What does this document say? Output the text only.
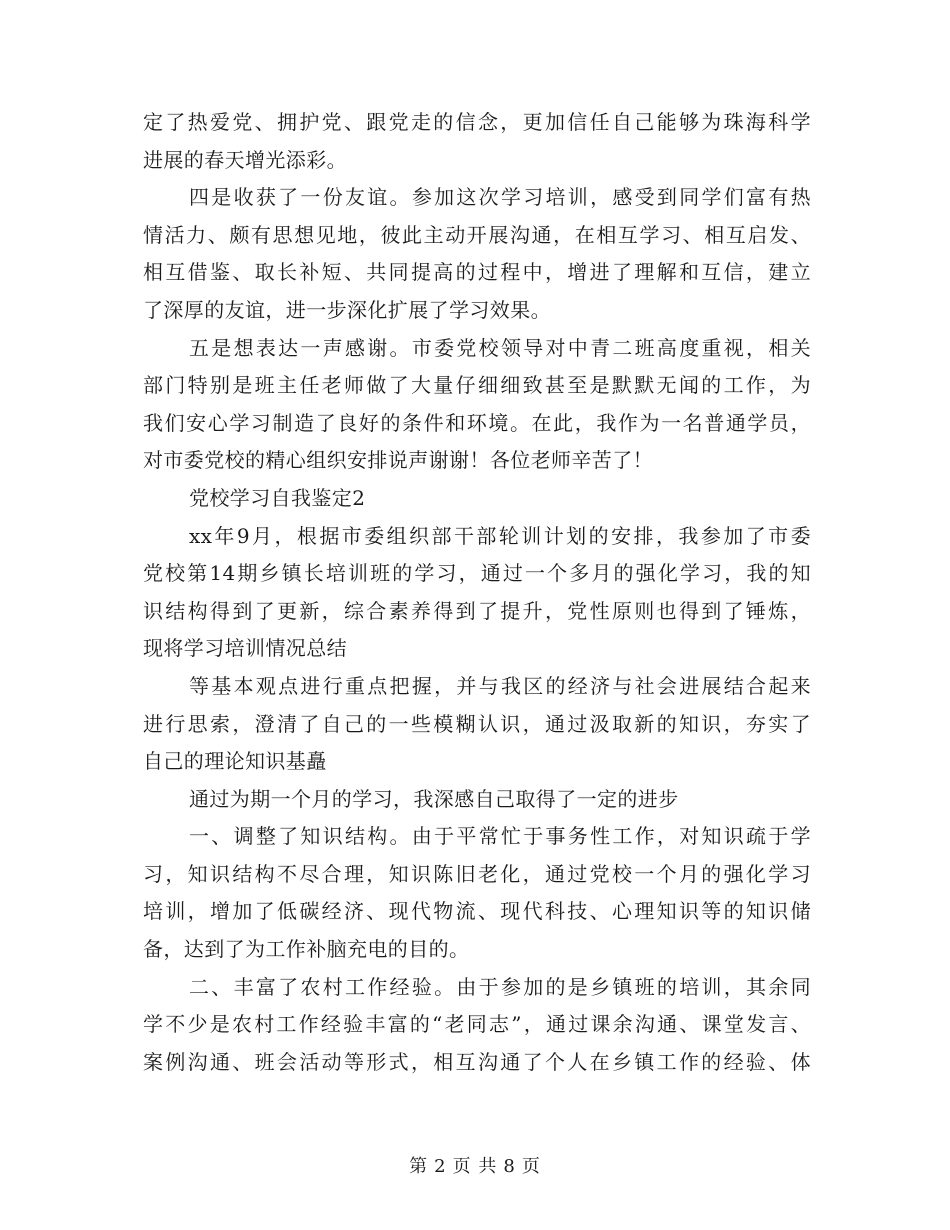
定了热爱党、拥护党、跟党走的信念，更加信任自己能够为珠海科学
进展的春天增光添彩。
四是收获了一份友谊。参加这次学习培训，感受到同学们富有热
情活力、颇有思想见地，彼此主动开展沟通，在相互学习、相互启发、
相互借鉴、取长补短、共同提高的过程中，增进了理解和互信，建立
了深厚的友谊，进一步深化扩展了学习效果。
五是想表达一声感谢。市委党校领导对中青二班高度重视，相关
部门特别是班主任老师做了大量仔细细致甚至是默默无闻的工作，为
我们安心学习制造了良好的条件和环境。在此，我作为一名普通学员，
对市委党校的精心组织安排说声谢谢！各位老师辛苦了！
党校学习自我鉴定2
xx年9月，根据市委组织部干部轮训计划的安排，我参加了市委
党校第14期乡镇长培训班的学习，通过一个多月的强化学习，我的知
识结构得到了更新，综合素养得到了提升，党性原则也得到了锤炼，
现将学习培训情况总结
等基本观点进行重点把握，并与我区的经济与社会进展结合起来
进行思索，澄清了自己的一些模糊认识，通过汲取新的知识，夯实了
自己的理论知识基矗
通过为期一个月的学习，我深感自己取得了一定的进步
一、调整了知识结构。由于平常忙于事务性工作，对知识疏于学
习，知识结构不尽合理，知识陈旧老化，通过党校一个月的强化学习
培训，增加了低碳经济、现代物流、现代科技、心理知识等的知识储
备，达到了为工作补脑充电的目的。
二、丰富了农村工作经验。由于参加的是乡镇班的培训，其余同
学不少是农村工作经验丰富的“老同志”，通过课余沟通、课堂发言、
案例沟通、班会活动等形式，相互沟通了个人在乡镇工作的经验、体
第 2 页 共 8 页
